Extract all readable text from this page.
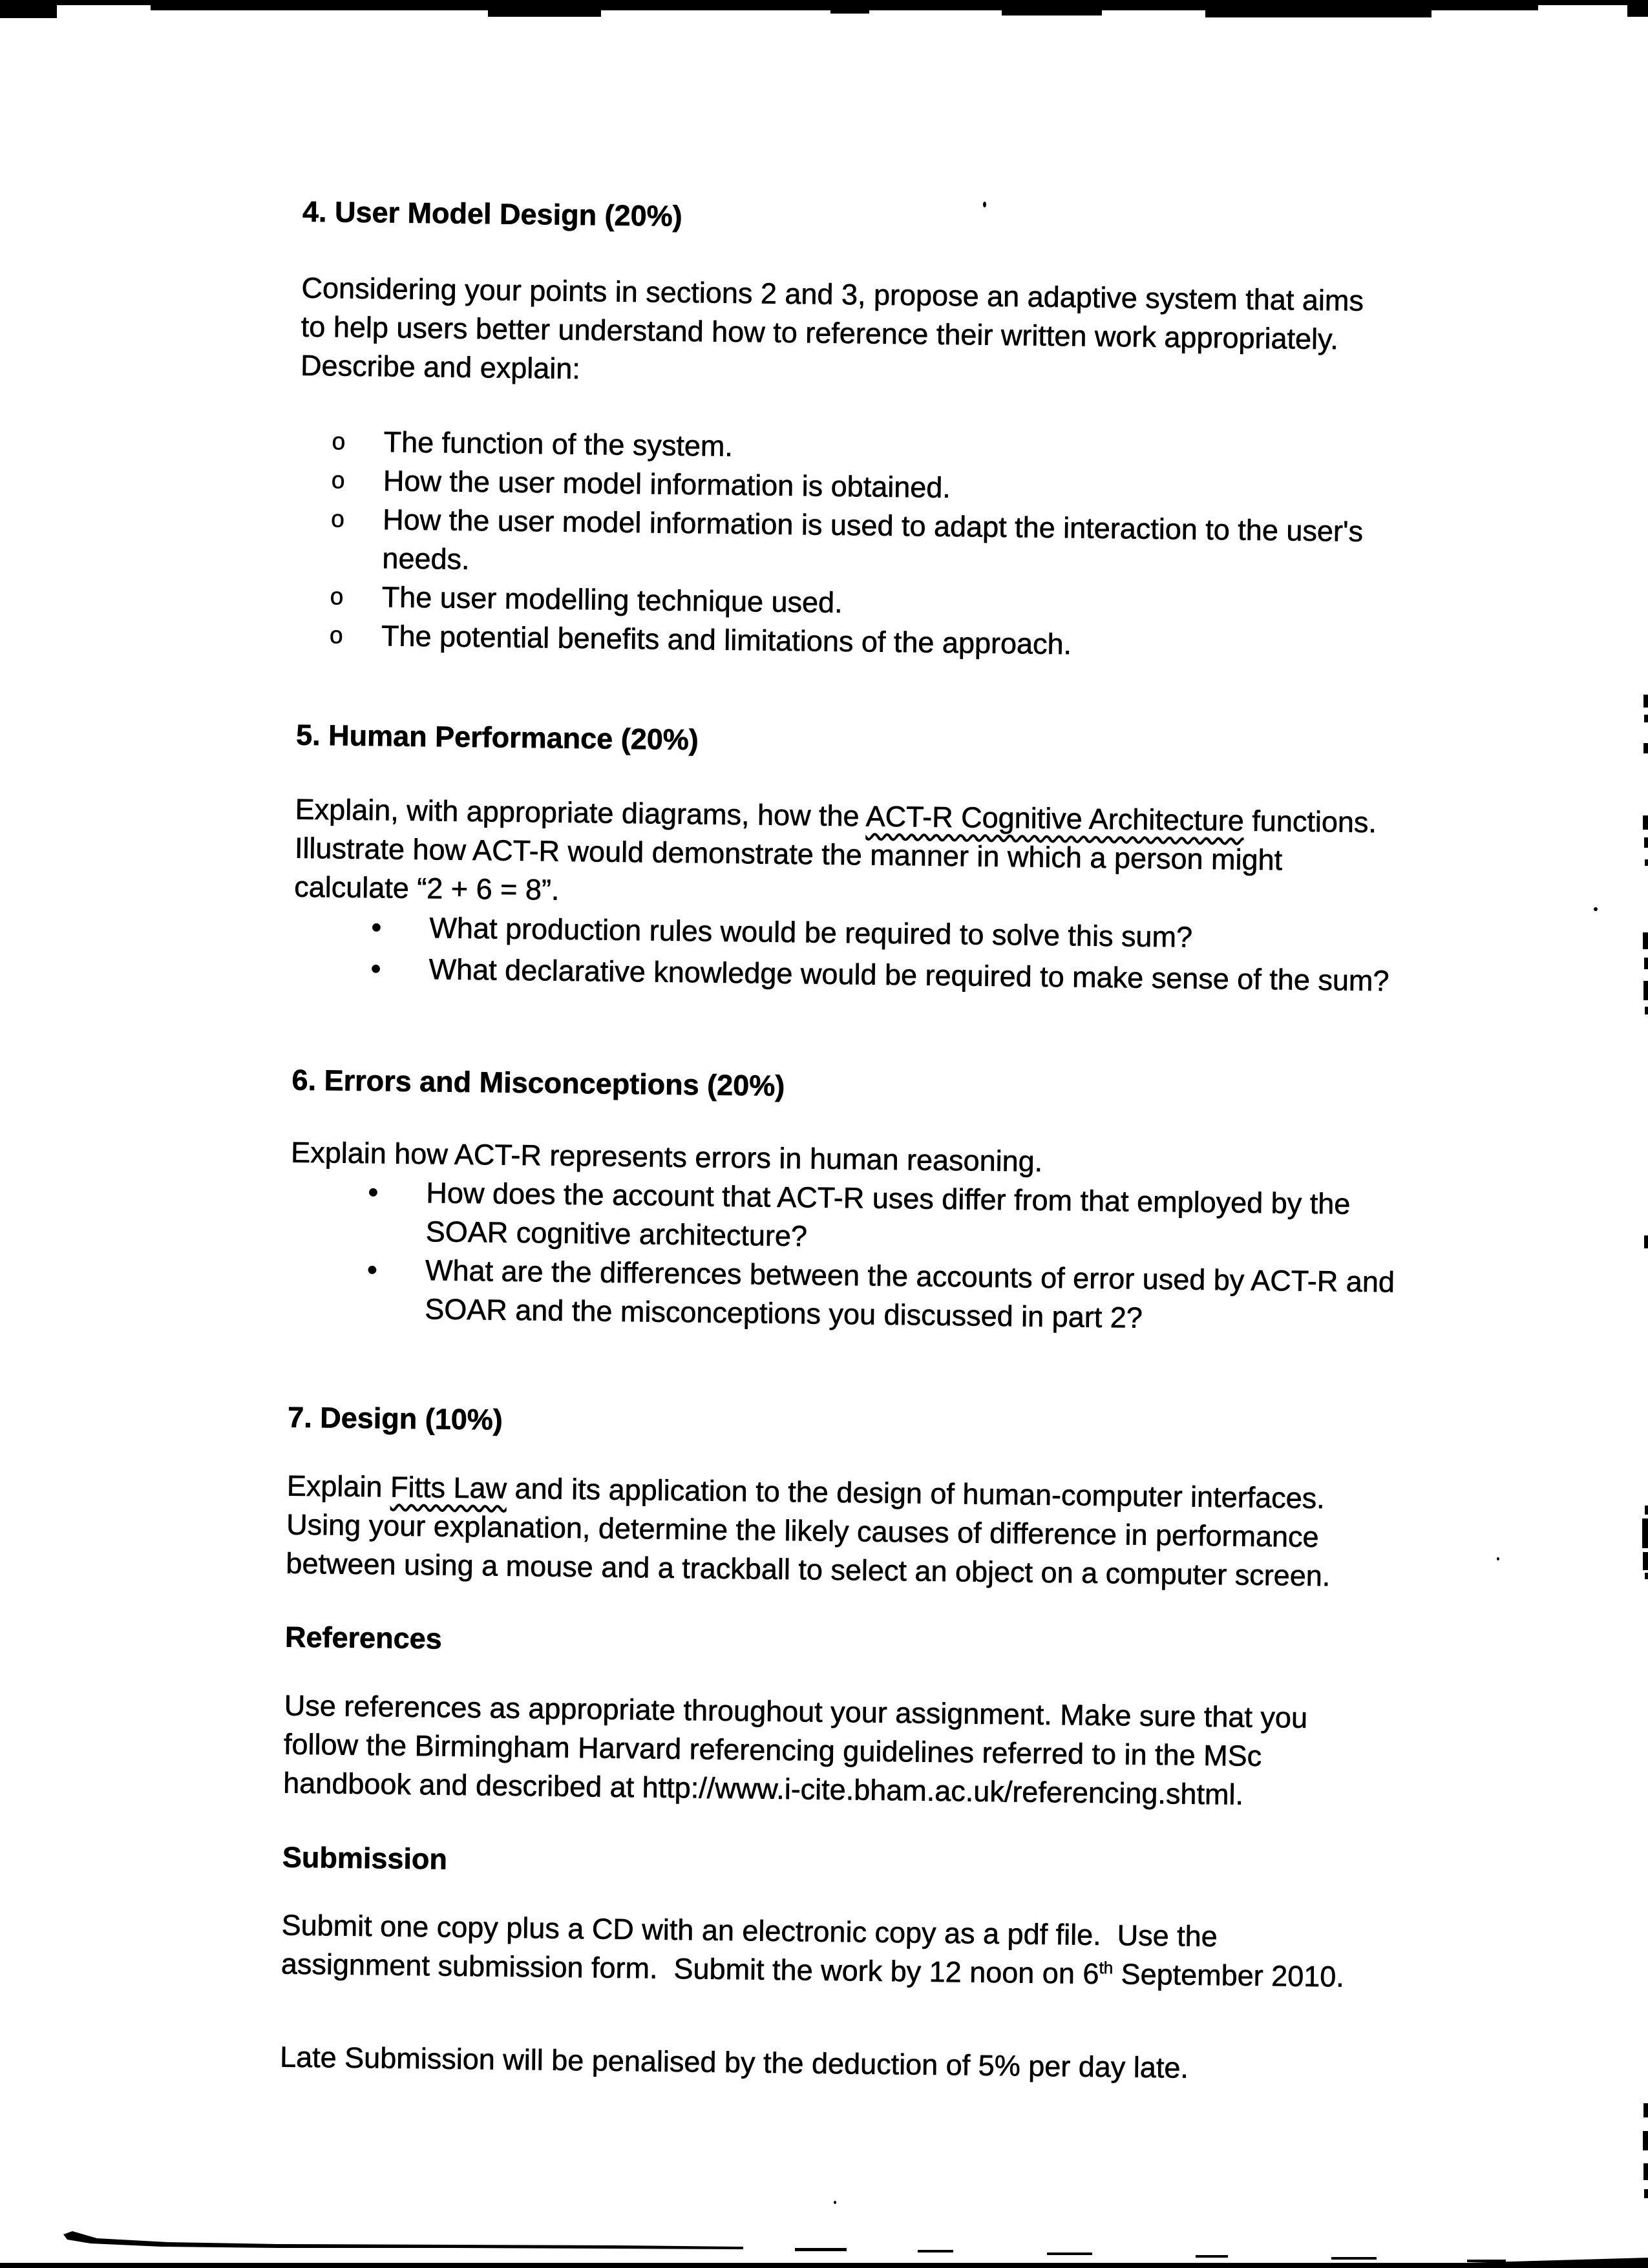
4. User Model Design (20%)
Considering your points in sections 2 and 3, propose an adaptive system that aims
to help users better understand how to reference their written work appropriately.
Describe and explain:
o	The function of the system.
o	How the user model information is obtained.
o	How the user model information is used to adapt the interaction to the user's
needs.
o	The user modelling technique used.
o	The potential benefits and limitations of the approach.
5. Human Performance (20%)
Explain, with appropriate diagrams, how the ACT-R Cognitive Architecture functions.
Illustrate how ACT-R would demonstrate the manner in which a person might
calculate “2 + 6 = 8”.
•	What production rules would be required to solve this sum?
•	What declarative knowledge would be required to make sense of the sum?
6. Errors and Misconceptions (20%)
Explain how ACT-R represents errors in human reasoning.
•	How does the account that ACT-R uses differ from that employed by the
SOAR cognitive architecture?
•	What are the differences between the accounts of error used by ACT-R and
SOAR and the misconceptions you discussed in part 2?
7. Design (10%)
Explain Fitts Law and its application to the design of human-computer interfaces.
Using your explanation, determine the likely causes of difference in performance
between using a mouse and a trackball to select an object on a computer screen.
References
Use references as appropriate throughout your assignment. Make sure that you
follow the Birmingham Harvard referencing guidelines referred to in the MSc
handbook and described at http://www.i-cite.bham.ac.uk/referencing.shtml.
Submission
Submit one copy plus a CD with an electronic copy as a pdf file.  Use the
assignment submission form.  Submit the work by 12 noon on 6th September 2010.
Late Submission will be penalised by the deduction of 5% per day late.
